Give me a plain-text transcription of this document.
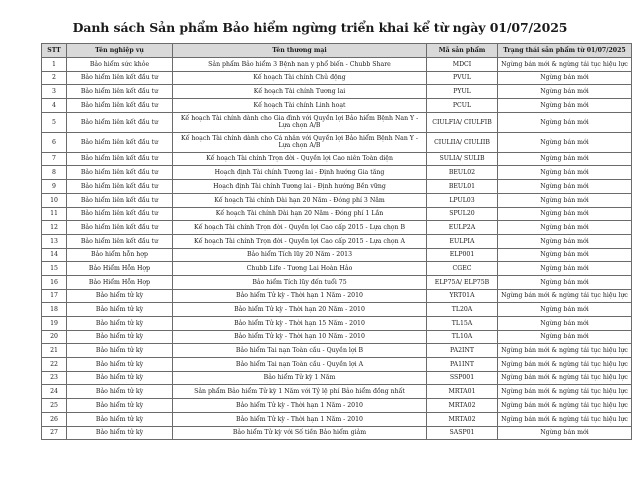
Danh sách Sản phẩm Bảo hiểm ngừng triển khai kể từ ngày 01/07/2025
STT	Tên nghiệp vụ	Tên thương mại	Mã sản phẩm	Trạng thái sản phẩm từ 01/07/2025
1	Bảo hiểm sức khỏe	Sản phẩm Bảo hiểm 3 Bệnh nan y phổ biến - Chubb Share	MDCI	Ngừng bán mới & ngừng tái tục hiệu lực
2	Bảo hiểm liên kết đầu tư	Kế hoạch Tài chính Chủ động	PVUL	Ngừng bán mới
3	Bảo hiểm liên kết đầu tư	Kế hoạch Tài chính Tương lai	PYUL	Ngừng bán mới
4	Bảo hiểm liên kết đầu tư	Kế hoạch Tài chính Linh hoạt	PCUL	Ngừng bán mới
5	Bảo hiểm liên kết đầu tư	Kế hoạch Tài chính dành cho Gia đình với Quyền lợi Bảo hiểm Bệnh Nan Y - Lựa chọn A/B	CIULFIA/ CIULFIB	Ngừng bán mới
6	Bảo hiểm liên kết đầu tư	Kế hoạch Tài chính dành cho Cá nhân với Quyền lợi Bảo hiểm Bệnh Nan Y - Lựa chọn A/B	CIULIIA/ CIULIIB	Ngừng bán mới
7	Bảo hiểm liên kết đầu tư	Kế hoạch Tài chính Trọn đời - Quyền lợi Cao niên Toàn diện	SULIA/ SULIB	Ngừng bán mới
8	Bảo hiểm liên kết đầu tư	Hoạch định Tài chính Tương lai - Định hướng Gia tăng	BEUL02	Ngừng bán mới
9	Bảo hiểm liên kết đầu tư	Hoạch định Tài chính Tương lai - Định hướng Bền vững	BEUL01	Ngừng bán mới
10	Bảo hiểm liên kết đầu tư	Kế hoạch Tài chính Dài hạn 20 Năm - Đóng phí 3 Năm	LPUL03	Ngừng bán mới
11	Bảo hiểm liên kết đầu tư	Kế hoạch Tài chính Dài hạn 20 Năm - Đóng phí 1 Lần	SPUL20	Ngừng bán mới
12	Bảo hiểm liên kết đầu tư	Kế hoạch Tài chính Trọn đời - Quyền lợi Cao cấp 2015 - Lựa chọn B	EULP2A	Ngừng bán mới
13	Bảo hiểm liên kết đầu tư	Kế hoạch Tài chính Trọn đời - Quyền lợi Cao cấp 2015 - Lựa chọn A	EULPIA	Ngừng bán mới
14	Bảo hiểm hỗn hợp	Bảo hiểm Tích lũy 20 Năm - 2013	ELP001	Ngừng bán mới
15	Bảo Hiểm Hỗn Hợp	Chubb Life - Tương Lai Hoàn Hảo	CGEC	Ngừng bán mới
16	Bảo Hiểm Hỗn Hợp	Bảo hiểm Tích lũy đến tuổi 75	ELP75A/ ELP75B	Ngừng bán mới
17	Bảo hiểm tử kỳ	Bảo hiểm Tử kỳ - Thời hạn 1 Năm - 2010	YRT01A	Ngừng bán mới & ngừng tái tục hiệu lực
18	Bảo hiểm tử kỳ	Bảo hiểm Tử kỳ - Thời hạn 20 Năm - 2010	TL20A	Ngừng bán mới
19	Bảo hiểm tử kỳ	Bảo hiểm Tử kỳ - Thời hạn 15 Năm - 2010	TL15A	Ngừng bán mới
20	Bảo hiểm tử kỳ	Bảo hiểm Tử kỳ - Thời hạn 10 Năm - 2010	TL10A	Ngừng bán mới
21	Bảo hiểm tử kỳ	Bảo hiểm Tai nạn Toàn cầu - Quyền lợi B	PA2INT	Ngừng bán mới & ngừng tái tục hiệu lực
22	Bảo hiểm tử kỳ	Bảo hiểm Tai nạn Toàn cầu - Quyền lợi A	PA1INT	Ngừng bán mới & ngừng tái tục hiệu lực
23	Bảo hiểm tử kỳ	Bảo hiểm Tử kỳ 1 Năm	SSP001	Ngừng bán mới & ngừng tái tục hiệu lực
24	Bảo hiểm tử kỳ	Sản phẩm Bảo hiểm Tử kỳ 1 Năm với Tỷ lệ phí Bảo hiểm đồng nhất	MRTA01	Ngừng bán mới & ngừng tái tục hiệu lực
25	Bảo hiểm tử kỳ	Bảo hiểm Tử kỳ - Thời hạn 1 Năm - 2010	MRTA02	Ngừng bán mới & ngừng tái tục hiệu lực
26	Bảo hiểm tử kỳ	Bảo hiểm Tử kỳ - Thời hạn 1 Năm - 2010	MRTA02	Ngừng bán mới & ngừng tái tục hiệu lực
27	Bảo hiểm tử kỳ	Bảo hiểm Tử kỳ với Số tiền Bảo hiểm giảm	SASP01	Ngừng bán mới
